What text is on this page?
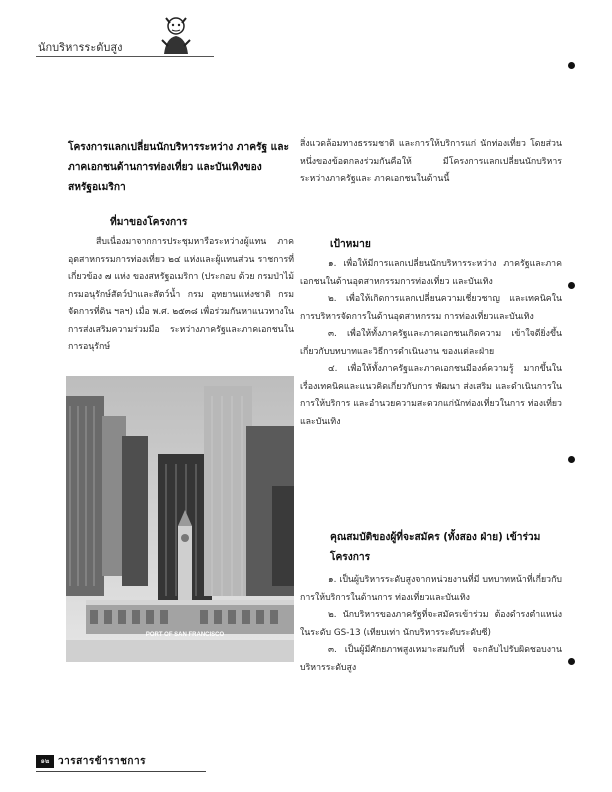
นักบริหารระดับสูง
โครงการแลกเปลี่ยนนักบริหารระหว่าง ภาครัฐ และภาคเอกชนด้านการท่องเที่ยว และบันเทิงของสหรัฐอเมริกา
ที่มาของโครงการ
สืบเนื่องมาจากการประชุมหารือระหว่างผู้แทน ภาคอุตสาหกรรมการท่องเที่ยว ๒๔ แห่งและผู้แทนส่วน ราชการที่เกี่ยวข้อง ๗ แห่ง ของสหรัฐอเมริกา (ประกอบ ด้วย กรมป่าไม้ กรมอนุรักษ์สัตว์ป่าและสัตว์น้ำ กรม อุทยานแห่งชาติ กรมจัดการที่ดิน ฯลฯ) เมื่อ พ.ศ. ๒๕๓๘ เพื่อร่วมกันหาแนวทางในการส่งเสริมความร่วมมือ ระหว่างภาครัฐและภาคเอกชนในการอนุรักษ์
PORT OF SAN FRANCISCO
สิ่งแวดล้อมทางธรรมชาติ และการให้บริการแก่ นักท่องเที่ยว โดยส่วนหนึ่งของข้อตกลงร่วมกันคือให้ มีโครงการแลกเปลี่ยนนักบริหารระหว่างภาครัฐและ ภาคเอกชนในด้านนี้
เป้าหมาย
๑. เพื่อให้มีการแลกเปลี่ยนนักบริหารระหว่าง ภาครัฐและภาคเอกชนในด้านอุตสาหกรรมการท่องเที่ยว และบันเทิง
๒. เพื่อให้เกิดการแลกเปลี่ยนความเชี่ยวชาญ และเทคนิคในการบริหารจัดการในด้านอุตสาหกรรม การท่องเที่ยวและบันเทิง
๓. เพื่อให้ทั้งภาครัฐและภาคเอกชนเกิดความ เข้าใจดียิ่งขึ้นเกี่ยวกับบทบาทและวิธีการดำเนินงาน ของแต่ละฝ่าย
๔. เพื่อให้ทั้งภาครัฐและภาคเอกชนมีองค์ความรู้ มากขึ้นในเรื่องเทคนิคและแนวคิดเกี่ยวกับการ พัฒนา ส่งเสริม และดำเนินการในการให้บริการ และอำนวยความสะดวกแก่นักท่องเที่ยวในการ ท่องเที่ยวและบันเทิง
คุณสมบัติของผู้ที่จะสมัคร (ทั้งสอง ฝ่าย) เข้าร่วมโครงการ
๑. เป็นผู้บริหารระดับสูงจากหน่วยงานที่มี บทบาทหน้าที่เกี่ยวกับการให้บริการในด้านการ ท่องเที่ยวและบันเทิง
๒. นักบริหารของภาครัฐที่จะสมัครเข้าร่วม ต้องดำรงตำแหน่งในระดับ GS-13 (เทียบเท่า นักบริหารระดับระดับซี)
๓. เป็นผู้มีศักยภาพสูงเหมาะสมกับที่ จะกลับไปรับผิดชอบงานบริหารระดับสูง
๑๒ วารสารข้าราชการ
